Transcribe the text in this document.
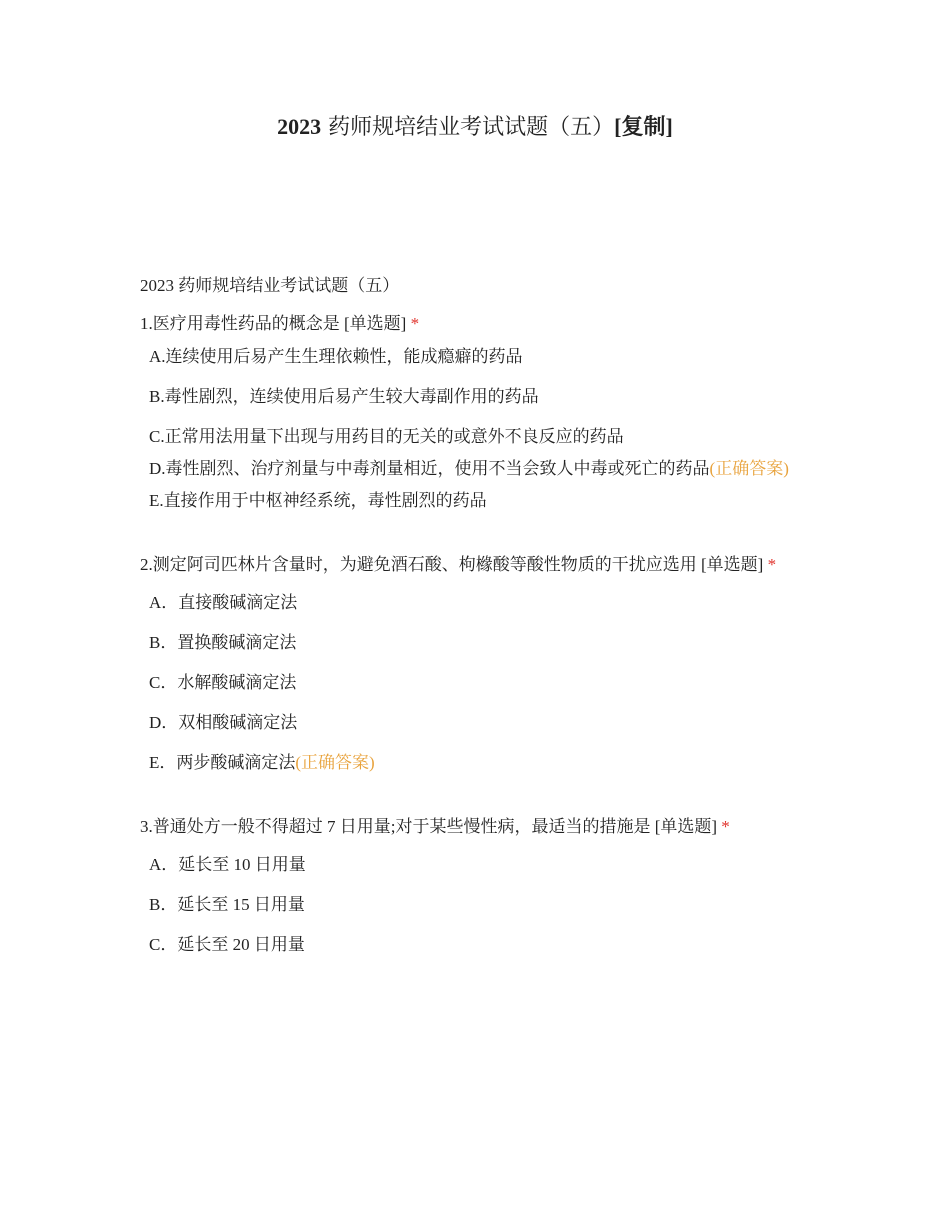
2023 药师规培结业考试试题（五）[复制]

2023 药师规培结业考试试题（五）

1.医疗用毒性药品的概念是 [单选题] *

A.连续使用后易产生生理依赖性，能成瘾癖的药品
B.毒性剧烈，连续使用后易产生较大毒副作用的药品
C.正常用法用量下出现与用药目的无关的或意外不良反应的药品
D.毒性剧烈、治疗剂量与中毒剂量相近，使用不当会致人中毒或死亡的药品(正确答案)
E.直接作用于中枢神经系统，毒性剧烈的药品

2.测定阿司匹林片含量时，为避免酒石酸、枸橼酸等酸性物质的干扰应选用 [单选题] *

A．直接酸碱滴定法
B．置换酸碱滴定法
C．水解酸碱滴定法
D．双相酸碱滴定法
E．两步酸碱滴定法(正确答案)

3.普通处方一般不得超过 7 日用量;对于某些慢性病，最适当的措施是 [单选题] *

A．延长至 10 日用量
B．延长至 15 日用量
C．延长至 20 日用量
